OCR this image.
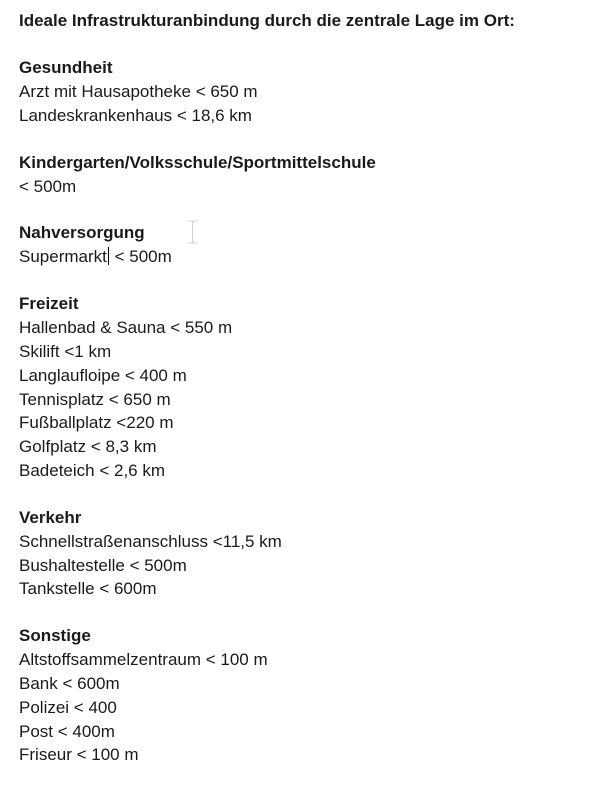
Ideale Infrastrukturanbindung durch die zentrale Lage im Ort:
Gesundheit
Arzt mit Hausapotheke < 650 m
Landeskrankenhaus < 18,6 km
Kindergarten/Volksschule/Sportmittelschule
< 500m
Nahversorgung
Supermarkt < 500m
Freizeit
Hallenbad & Sauna < 550 m
Skilift <1 km
Langlaufloipe < 400 m
Tennisplatz < 650 m
Fußballplatz <220 m
Golfplatz < 8,3 km
Badeteich < 2,6 km
Verkehr
Schnellstraßenanschluss <11,5 km
Bushaltestelle < 500m
Tankstelle < 600m
Sonstige
Altstoffsammelzentraum < 100 m
Bank < 600m
Polizei < 400
Post < 400m
Friseur < 100 m
